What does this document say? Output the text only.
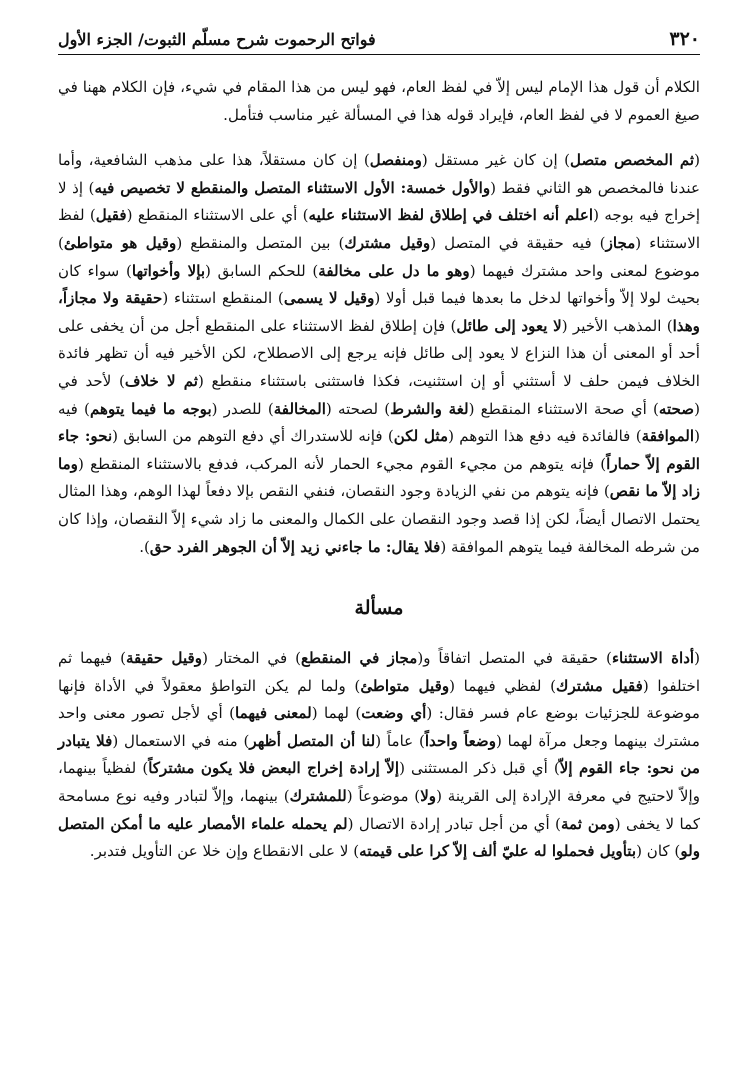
٣٢٠
فواتح الرحموت شرح مسلّم الثبوت/ الجزء الأول

الكلام أن قول هذا الإمام ليس إلاّ في لفظ العام، فهو ليس من هذا المقام في شيء، فإن الكلام ههنا في صيغ العموم لا في لفظ العام، فإيراد قوله هذا في المسألة غير مناسب فتأمل.

(ثم المخصص متصل) إن كان غير مستقل (ومنفصل) إن كان مستقلاً، هذا على مذهب الشافعية، وأما عندنا فالمخصص هو الثاني فقط (والأول خمسة: الأول الاستثناء المتصل والمنقطع لا تخصيص فيه) إذ لا إخراج فيه بوجه (اعلم أنه اختلف في إطلاق لفظ الاستثناء عليه) أي على الاستثناء المنقطع (فقيل) لفظ الاستثناء (مجاز) فيه حقيقة في المتصل (وقيل مشترك) بين المتصل والمنقطع (وقيل هو متواطئ) موضوع لمعنى واحد مشترك فيهما (وهو ما دل على مخالفة) للحكم السابق (بإلا وأخواتها) سواء كان بحيث لولا إلاّ وأخواتها لدخل ما بعدها فيما قبل أولا (وقيل لا يسمى) المنقطع استثناء (حقيقة ولا مجازاً، وهذا) المذهب الأخير (لا يعود إلى طائل) فإن إطلاق لفظ الاستثناء على المنقطع أجل من أن يخفى على أحد أو المعنى أن هذا النزاع لا يعود إلى طائل فإنه يرجع إلى الاصطلاح، لكن الأخير فيه أن تظهر فائدة الخلاف فيمن حلف لا أستثني أو إن استثنيت، فكذا فاستثنى باستثناء منقطع (ثم لا خلاف) لأحد في (صحته) أي صحة الاستثناء المنقطع (لغة والشرط) لصحته (المخالفة) للصدر (بوجه ما فيما يتوهم) فيه (الموافقة) فالفائدة فيه دفع هذا التوهم (مثل لكن) فإنه للاستدراك أي دفع التوهم من السابق (نحو: جاء القوم إلاّ حماراً) فإنه يتوهم من مجيء القوم مجيء الحمار لأنه المركب، فدفع بالاستثناء المنقطع (وما زاد إلاّ ما نقص) فإنه يتوهم من نفي الزيادة وجود النقصان، فنفي النقص بإلا دفعاً لهذا الوهم، وهذا المثال يحتمل الاتصال أيضاً، لكن إذا قصد وجود النقصان على الكمال والمعنى ما زاد شيء إلاّ النقصان، وإذا كان من شرطه المخالفة فيما يتوهم الموافقة (فلا يقال: ما جاءني زيد إلاّ أن الجوهر الفرد حق).

مسألة

(أداة الاستثناء) حقيقة في المتصل اتفاقاً و(مجاز في المنقطع) في المختار (وقيل حقيقة) فيهما ثم اختلفوا (فقيل مشترك) لفظي فيهما (وقيل متواطئ) ولما لم يكن التواطؤ معقولاً في الأداة فإنها موضوعة للجزئيات بوضع عام فسر فقال: (أي وضعت) لهما (لمعنى فيهما) أي لأجل تصور معنى واحد مشترك بينهما وجعل مرآة لهما (وضعاً واحداً) عاماً (لنا أن المتصل أظهر) منه في الاستعمال (فلا يتبادر من نحو: جاء القوم إلاّ) أي قبل ذكر المستثنى (إلاّ إرادة إخراج البعض فلا يكون مشتركاً) لفظياً بينهما، وإلاّ لاحتيج في معرفة الإرادة إلى القرينة (ولا) موضوعاً (للمشترك) بينهما، وإلاّ لتبادر وفيه نوع مسامحة كما لا يخفى (ومن ثمة) أي من أجل تبادر إرادة الاتصال (لم يحمله علماء الأمصار عليه ما أمكن المتصل ولو) كان (بتأويل فحملوا له عليّ ألف إلاّ كرا على قيمته) لا على الانقطاع وإن خلا عن التأويل فتدبر.
